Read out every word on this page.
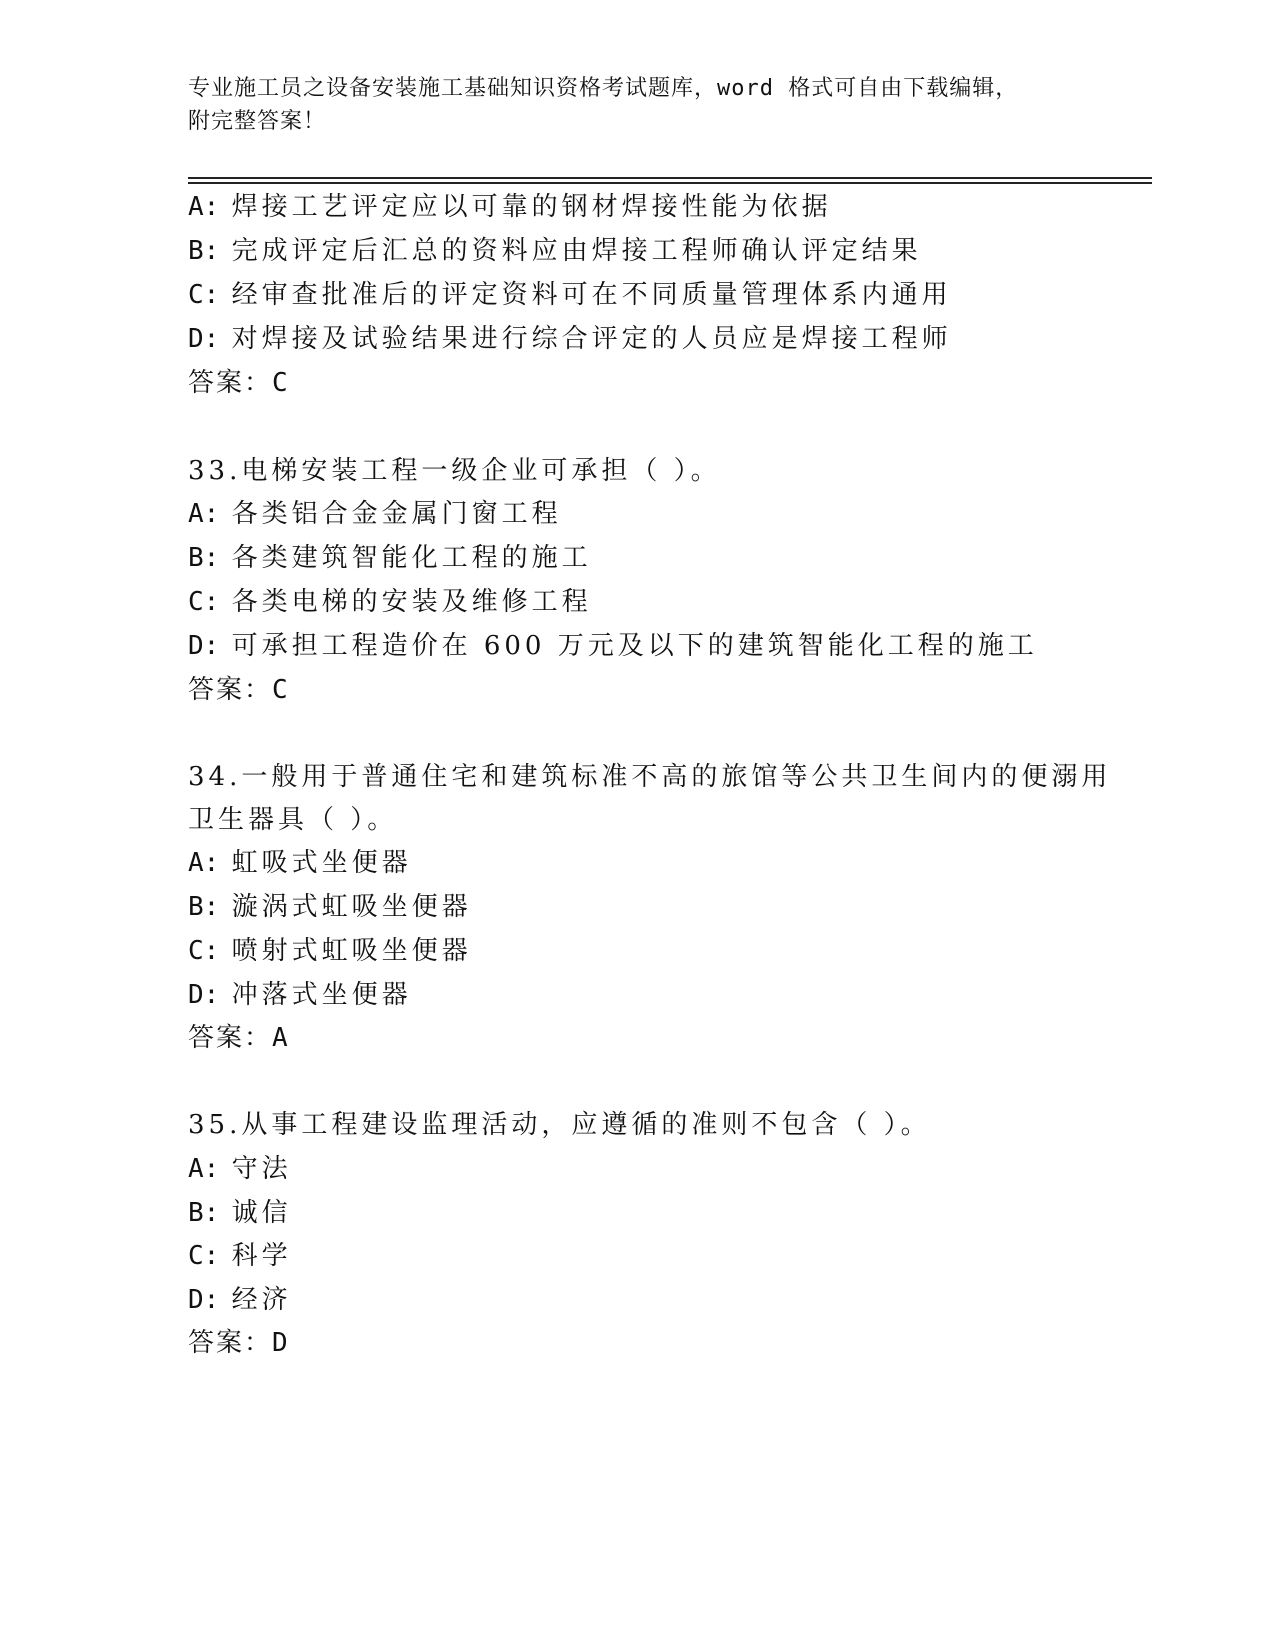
专业施工员之设备安装施工基础知识资格考试题库，word 格式可自由下载编辑，
附完整答案！
A: 焊接工艺评定应以可靠的钢材焊接性能为依据
B: 完成评定后汇总的资料应由焊接工程师确认评定结果
C: 经审查批准后的评定资料可在不同质量管理体系内通用
D: 对焊接及试验结果进行综合评定的人员应是焊接工程师
答案：C
33.电梯安装工程一级企业可承担（ ）。
A: 各类铝合金金属门窗工程
B: 各类建筑智能化工程的施工
C: 各类电梯的安装及维修工程
D: 可承担工程造价在 600 万元及以下的建筑智能化工程的施工
答案：C
34.一般用于普通住宅和建筑标准不高的旅馆等公共卫生间内的便溺用
卫生器具（ ）。
A: 虹吸式坐便器
B: 漩涡式虹吸坐便器
C: 喷射式虹吸坐便器
D: 冲落式坐便器
答案：A
35.从事工程建设监理活动，应遵循的准则不包含（ ）。
A: 守法
B: 诚信
C: 科学
D: 经济
答案：D
